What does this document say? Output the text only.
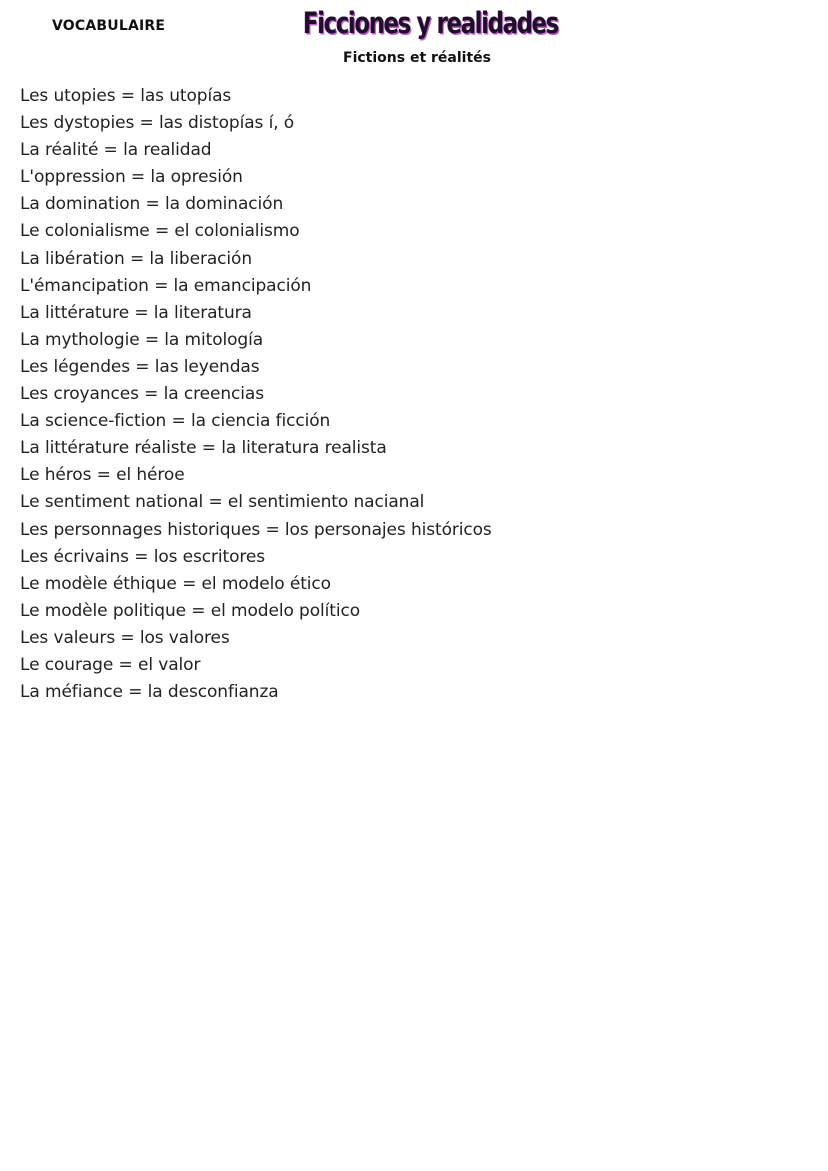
VOCABULAIRE	Ficciones y realidades
Fictions et réalités
Les utopies = las utopías
Les dystopies = las distopías í, ó
La réalité = la realidad
L'oppression = la opresión
La domination = la dominación
Le colonialisme = el colonialismo
La libération = la liberación
L'émancipation = la emancipación
La littérature = la literatura
La mythologie = la mitología
Les légendes = las leyendas
Les croyances = la creencias
La science-fiction = la ciencia ficción
La littérature réaliste = la literatura realista
Le héros = el héroe
Le sentiment national = el sentimiento nacianal
Les personnages historiques = los personajes históricos
Les écrivains = los escritores
Le modèle éthique = el modelo ético
Le modèle politique = el modelo político
Les valeurs = los valores
Le courage = el valor
La méfiance = la desconfianza
